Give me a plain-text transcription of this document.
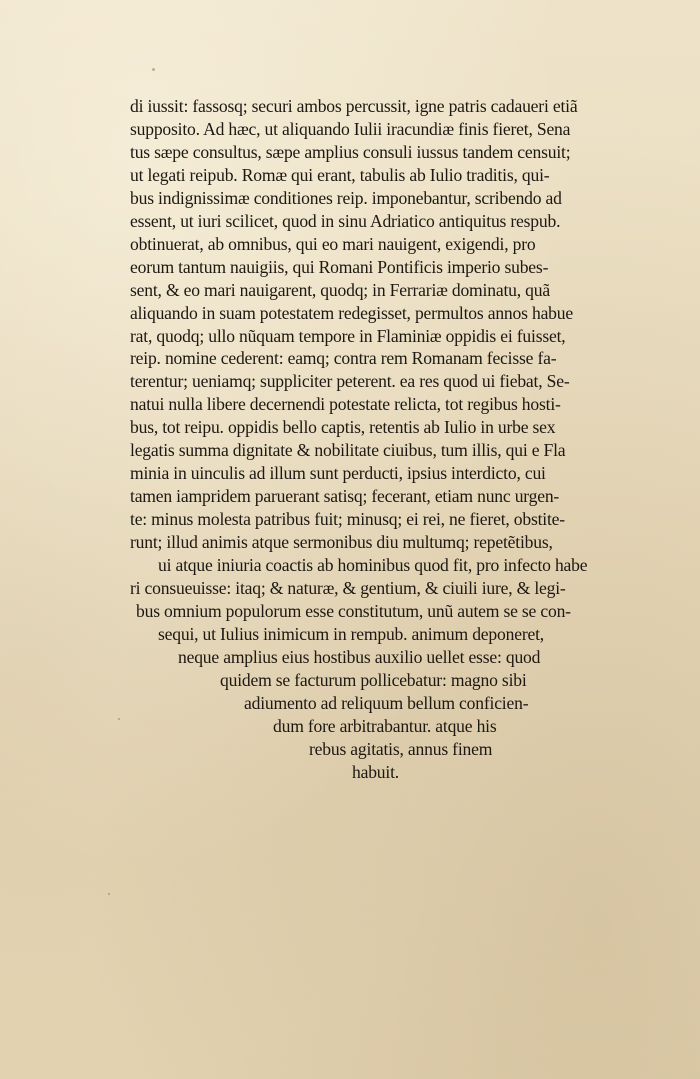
di iussit: fassosq; securi ambos percussit, igne patris cadaueri etiã
supposito. Ad hæc, ut aliquando Iulii iracundiæ finis fieret, Sena
tus sæpe consultus, sæpe amplius consuli iussus tandem censuit;
ut legati reipub. Romæ qui erant, tabulis ab Iulio traditis, qui-
bus indignissimæ conditiones reip. imponebantur, scribendo ad
essent, ut iuri scilicet, quod in sinu Adriatico antiquitus respub.
obtinuerat, ab omnibus, qui eo mari nauigent, exigendi, pro
eorum tantum nauigiis, qui Romani Pontificis imperio subes-
sent, & eo mari nauigarent, quodq; in Ferrariæ dominatu, quã
aliquando in suam potestatem redegisset, permultos annos habue
rat, quodq; ullo nũquam tempore in Flaminiæ oppidis ei fuisset,
reip. nomine cederent: eamq; contra rem Romanam fecisse fa-
terentur; ueniamq; suppliciter peterent. ea res quod ui fiebat, Se-
natui nulla libere decernendi potestate relicta, tot regibus hosti-
bus, tot reipu. oppidis bello captis, retentis ab Iulio in urbe sex
legatis summa dignitate & nobilitate ciuibus, tum illis, qui e Fla
minia in uinculis ad illum sunt perducti, ipsius interdicto, cui
tamen iampridem paruerant satisq; fecerant, etiam nunc urgen-
te: minus molesta patribus fuit; minusq; ei rei, ne fieret, obstite-
runt; illud animis atque sermonibus diu multumq; repetẽtibus,
ui atque iniuria coactis ab hominibus quod fit, pro infecto habe
ri consueuisse: itaq; & naturæ, & gentium, & ciuili iure, & legi-
bus omnium populorum esse constitutum, unũ autem se se con-
sequi, ut Iulius inimicum in rempub. animum deponeret,
neque amplius eius hostibus auxilio uellet esse: quod
quidem se facturum pollicebatur: magno sibi
adiumento ad reliquum bellum conficien-
dum fore arbitrabantur. atque his
rebus agitatis, annus finem
habuit.
